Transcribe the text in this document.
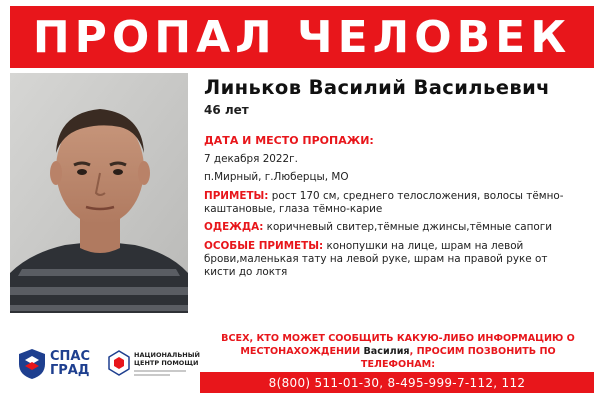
ПРОПАЛ ЧЕЛОВЕК
Линьков Василий Васильевич
46 лет
ДАТА И МЕСТО ПРОПАЖИ:
7 декабря 2022г.
п.Мирный, г.Люберцы, МО
ПРИМЕТЫ: рост 170 см, среднего телосложения, волосы тёмно-
каштановые, глаза тёмно-карие
ОДЕЖДА: коричневый свитер,тёмные джинсы,тёмные сапоги
ОСОБЫЕ ПРИМЕТЫ: конопушки на лице, шрам на левой
брови,маленькая тату на левой руке, шрам на правой руке от
кисти до локтя
СПАС
ГРАД
НАЦИОНАЛЬНЫЙ
ЦЕНТР ПОМОЩИ
ВСЕХ, КТО МОЖЕТ СООБЩИТЬ КАКУЮ-ЛИБО ИНФОРМАЦИЮ О
МЕСТОНАХОЖДЕНИИ Василия, ПРОСИМ ПОЗВОНИТЬ ПО ТЕЛЕФОНАМ:
8(800) 511-01-30, 8-495-999-7-112, 112
